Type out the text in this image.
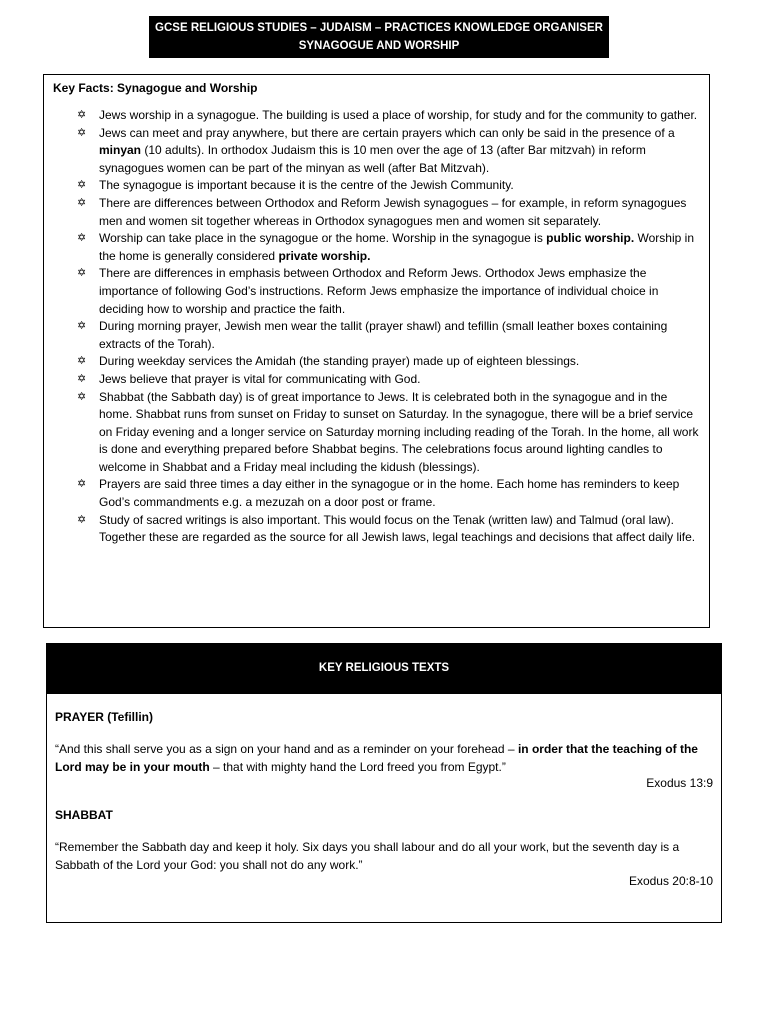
GCSE RELIGIOUS STUDIES – JUDAISM – PRACTICES KNOWLEDGE ORGANISER
SYNAGOGUE AND WORSHIP
Key Facts: Synagogue and Worship
✡ Jews worship in a synagogue. The building is used a place of worship, for study and for the community to gather.
✡ Jews can meet and pray anywhere, but there are certain prayers which can only be said in the presence of a minyan (10 adults). In orthodox Judaism this is 10 men over the age of 13 (after Bar mitzvah) in reform synagogues women can be part of the minyan as well (after Bat Mitzvah).
✡ The synagogue is important because it is the centre of the Jewish Community.
✡ There are differences between Orthodox and Reform Jewish synagogues – for example, in reform synagogues men and women sit together whereas in Orthodox synagogues men and women sit separately.
✡ Worship can take place in the synagogue or the home. Worship in the synagogue is public worship. Worship in the home is generally considered private worship.
✡ There are differences in emphasis between Orthodox and Reform Jews. Orthodox Jews emphasize the importance of following God’s instructions. Reform Jews emphasize the importance of individual choice in deciding how to worship and practice the faith.
✡ During morning prayer, Jewish men wear the tallit (prayer shawl) and tefillin (small leather boxes containing extracts of the Torah).
✡ During weekday services the Amidah (the standing prayer) made up of eighteen blessings.
✡ Jews believe that prayer is vital for communicating with God.
✡ Shabbat (the Sabbath day) is of great importance to Jews. It is celebrated both in the synagogue and in the home. Shabbat runs from sunset on Friday to sunset on Saturday. In the synagogue, there will be a brief service on Friday evening and a longer service on Saturday morning including reading of the Torah. In the home, all work is done and everything prepared before Shabbat begins. The celebrations focus around lighting candles to welcome in Shabbat and a Friday meal including the kidush (blessings).
✡ Prayers are said three times a day either in the synagogue or in the home. Each home has reminders to keep God’s commandments e.g. a mezuzah on a door post or frame.
✡ Study of sacred writings is also important. This would focus on the Tenak (written law) and Talmud (oral law). Together these are regarded as the source for all Jewish laws, legal teachings and decisions that affect daily life.
KEY RELIGIOUS TEXTS
PRAYER (Tefillin)
“And this shall serve you as a sign on your hand and as a reminder on your forehead – in order that the teaching of the Lord may be in your mouth – that with mighty hand the Lord freed you from Egypt.”
Exodus 13:9
SHABBAT
“Remember the Sabbath day and keep it holy. Six days you shall labour and do all your work, but the seventh day is a Sabbath of the Lord your God: you shall not do any work.”
Exodus 20:8-10
